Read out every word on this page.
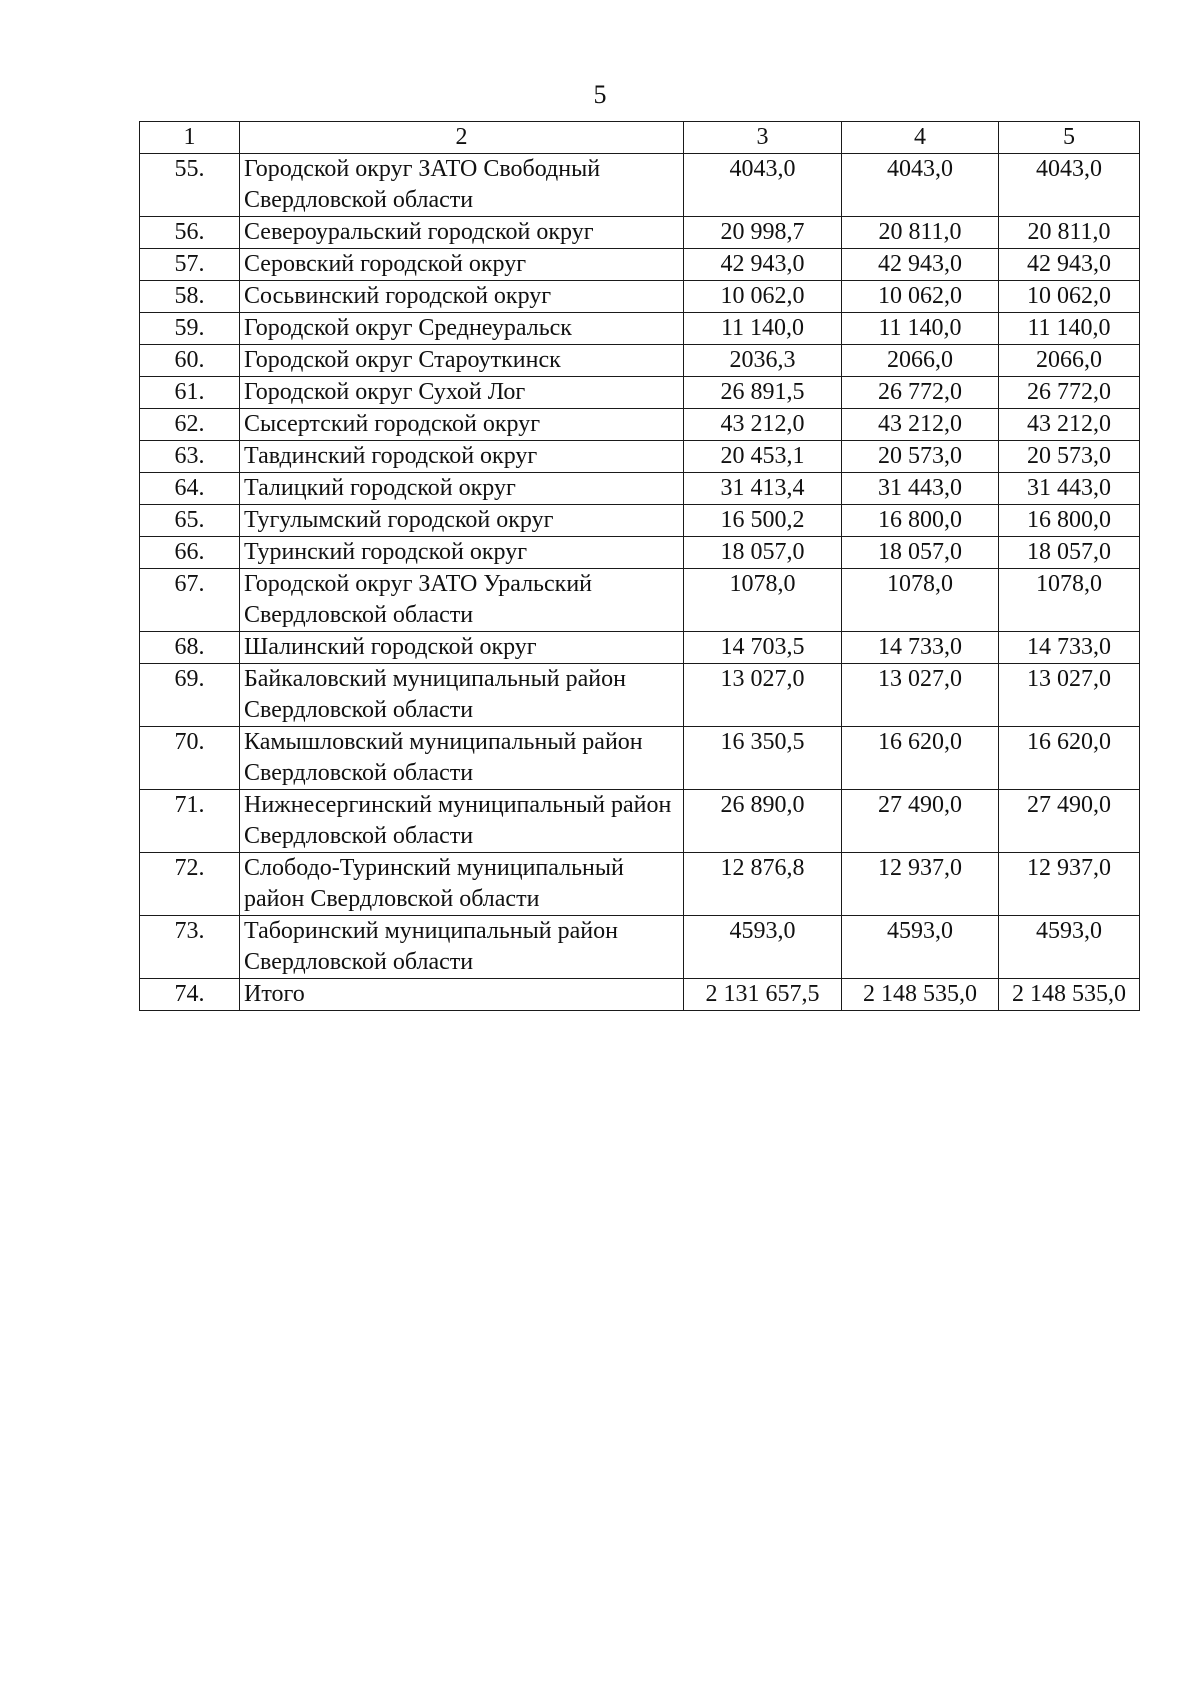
5
1	2	3	4	5
55.	Городской округ ЗАТО Свободный Свердловской области	4043,0	4043,0	4043,0
56.	Североуральский городской округ	20 998,7	20 811,0	20 811,0
57.	Серовский городской округ	42 943,0	42 943,0	42 943,0
58.	Сосьвинский городской округ	10 062,0	10 062,0	10 062,0
59.	Городской округ Среднеуральск	11 140,0	11 140,0	11 140,0
60.	Городской округ Староуткинск	2036,3	2066,0	2066,0
61.	Городской округ Сухой Лог	26 891,5	26 772,0	26 772,0
62.	Сысертский городской округ	43 212,0	43 212,0	43 212,0
63.	Тавдинский городской округ	20 453,1	20 573,0	20 573,0
64.	Талицкий городской округ	31 413,4	31 443,0	31 443,0
65.	Тугулымский городской округ	16 500,2	16 800,0	16 800,0
66.	Туринский городской округ	18 057,0	18 057,0	18 057,0
67.	Городской округ ЗАТО Уральский Свердловской области	1078,0	1078,0	1078,0
68.	Шалинский городской округ	14 703,5	14 733,0	14 733,0
69.	Байкаловский муниципальный район Свердловской области	13 027,0	13 027,0	13 027,0
70.	Камышловский муниципальный район Свердловской области	16 350,5	16 620,0	16 620,0
71.	Нижнесергинский муниципальный район Свердловской области	26 890,0	27 490,0	27 490,0
72.	Слободо-Туринский муниципальный район Свердловской области	12 876,8	12 937,0	12 937,0
73.	Таборинский муниципальный район Свердловской области	4593,0	4593,0	4593,0
74.	Итого	2 131 657,5	2 148 535,0	2 148 535,0
